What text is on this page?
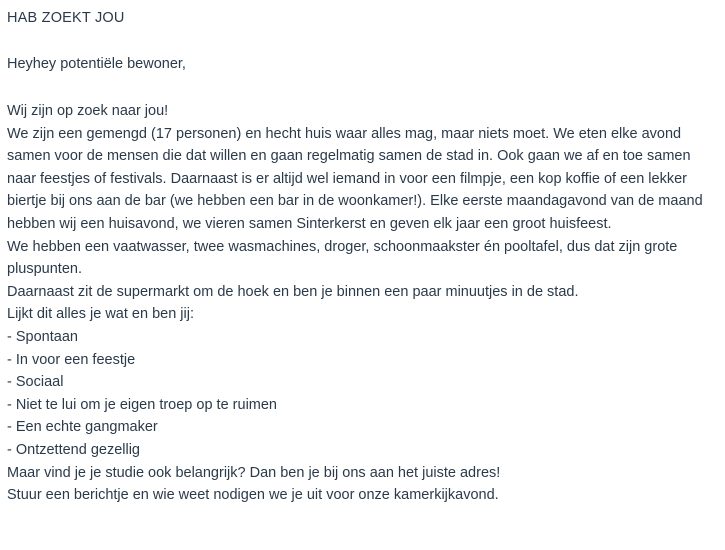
HAB ZOEKT JOU
Heyhey potentiële bewoner,

Wij zijn op zoek naar jou!

We zijn een gemengd (17 personen) en hecht huis waar alles mag, maar niets moet. We eten elke avond samen voor de mensen die dat willen en gaan regelmatig samen de stad in. Ook gaan we af en toe samen naar feestjes of festivals. Daarnaast is er altijd wel iemand in voor een filmpje, een kop koffie of een lekker biertje bij ons aan de bar (we hebben een bar in de woonkamer!). Elke eerste maandagavond van de maand hebben wij een huisavond, we vieren samen Sinterkerst en geven elk jaar een groot huisfeest.

We hebben een vaatwasser, twee wasmachines, droger, schoonmaakster én pooltafel, dus dat zijn grote pluspunten.

Daarnaast zit de supermarkt om de hoek en ben je binnen een paar minuutjes in de stad.

Lijkt dit alles je wat en ben jij:

- Spontaan

- In voor een feestje

- Sociaal

- Niet te lui om je eigen troep op te ruimen

- Een echte gangmaker

- Ontzettend gezellig

Maar vind je je studie ook belangrijk? Dan ben je bij ons aan het juiste adres!

Stuur een berichtje en wie weet nodigen we je uit voor onze kamerkijkavond.
